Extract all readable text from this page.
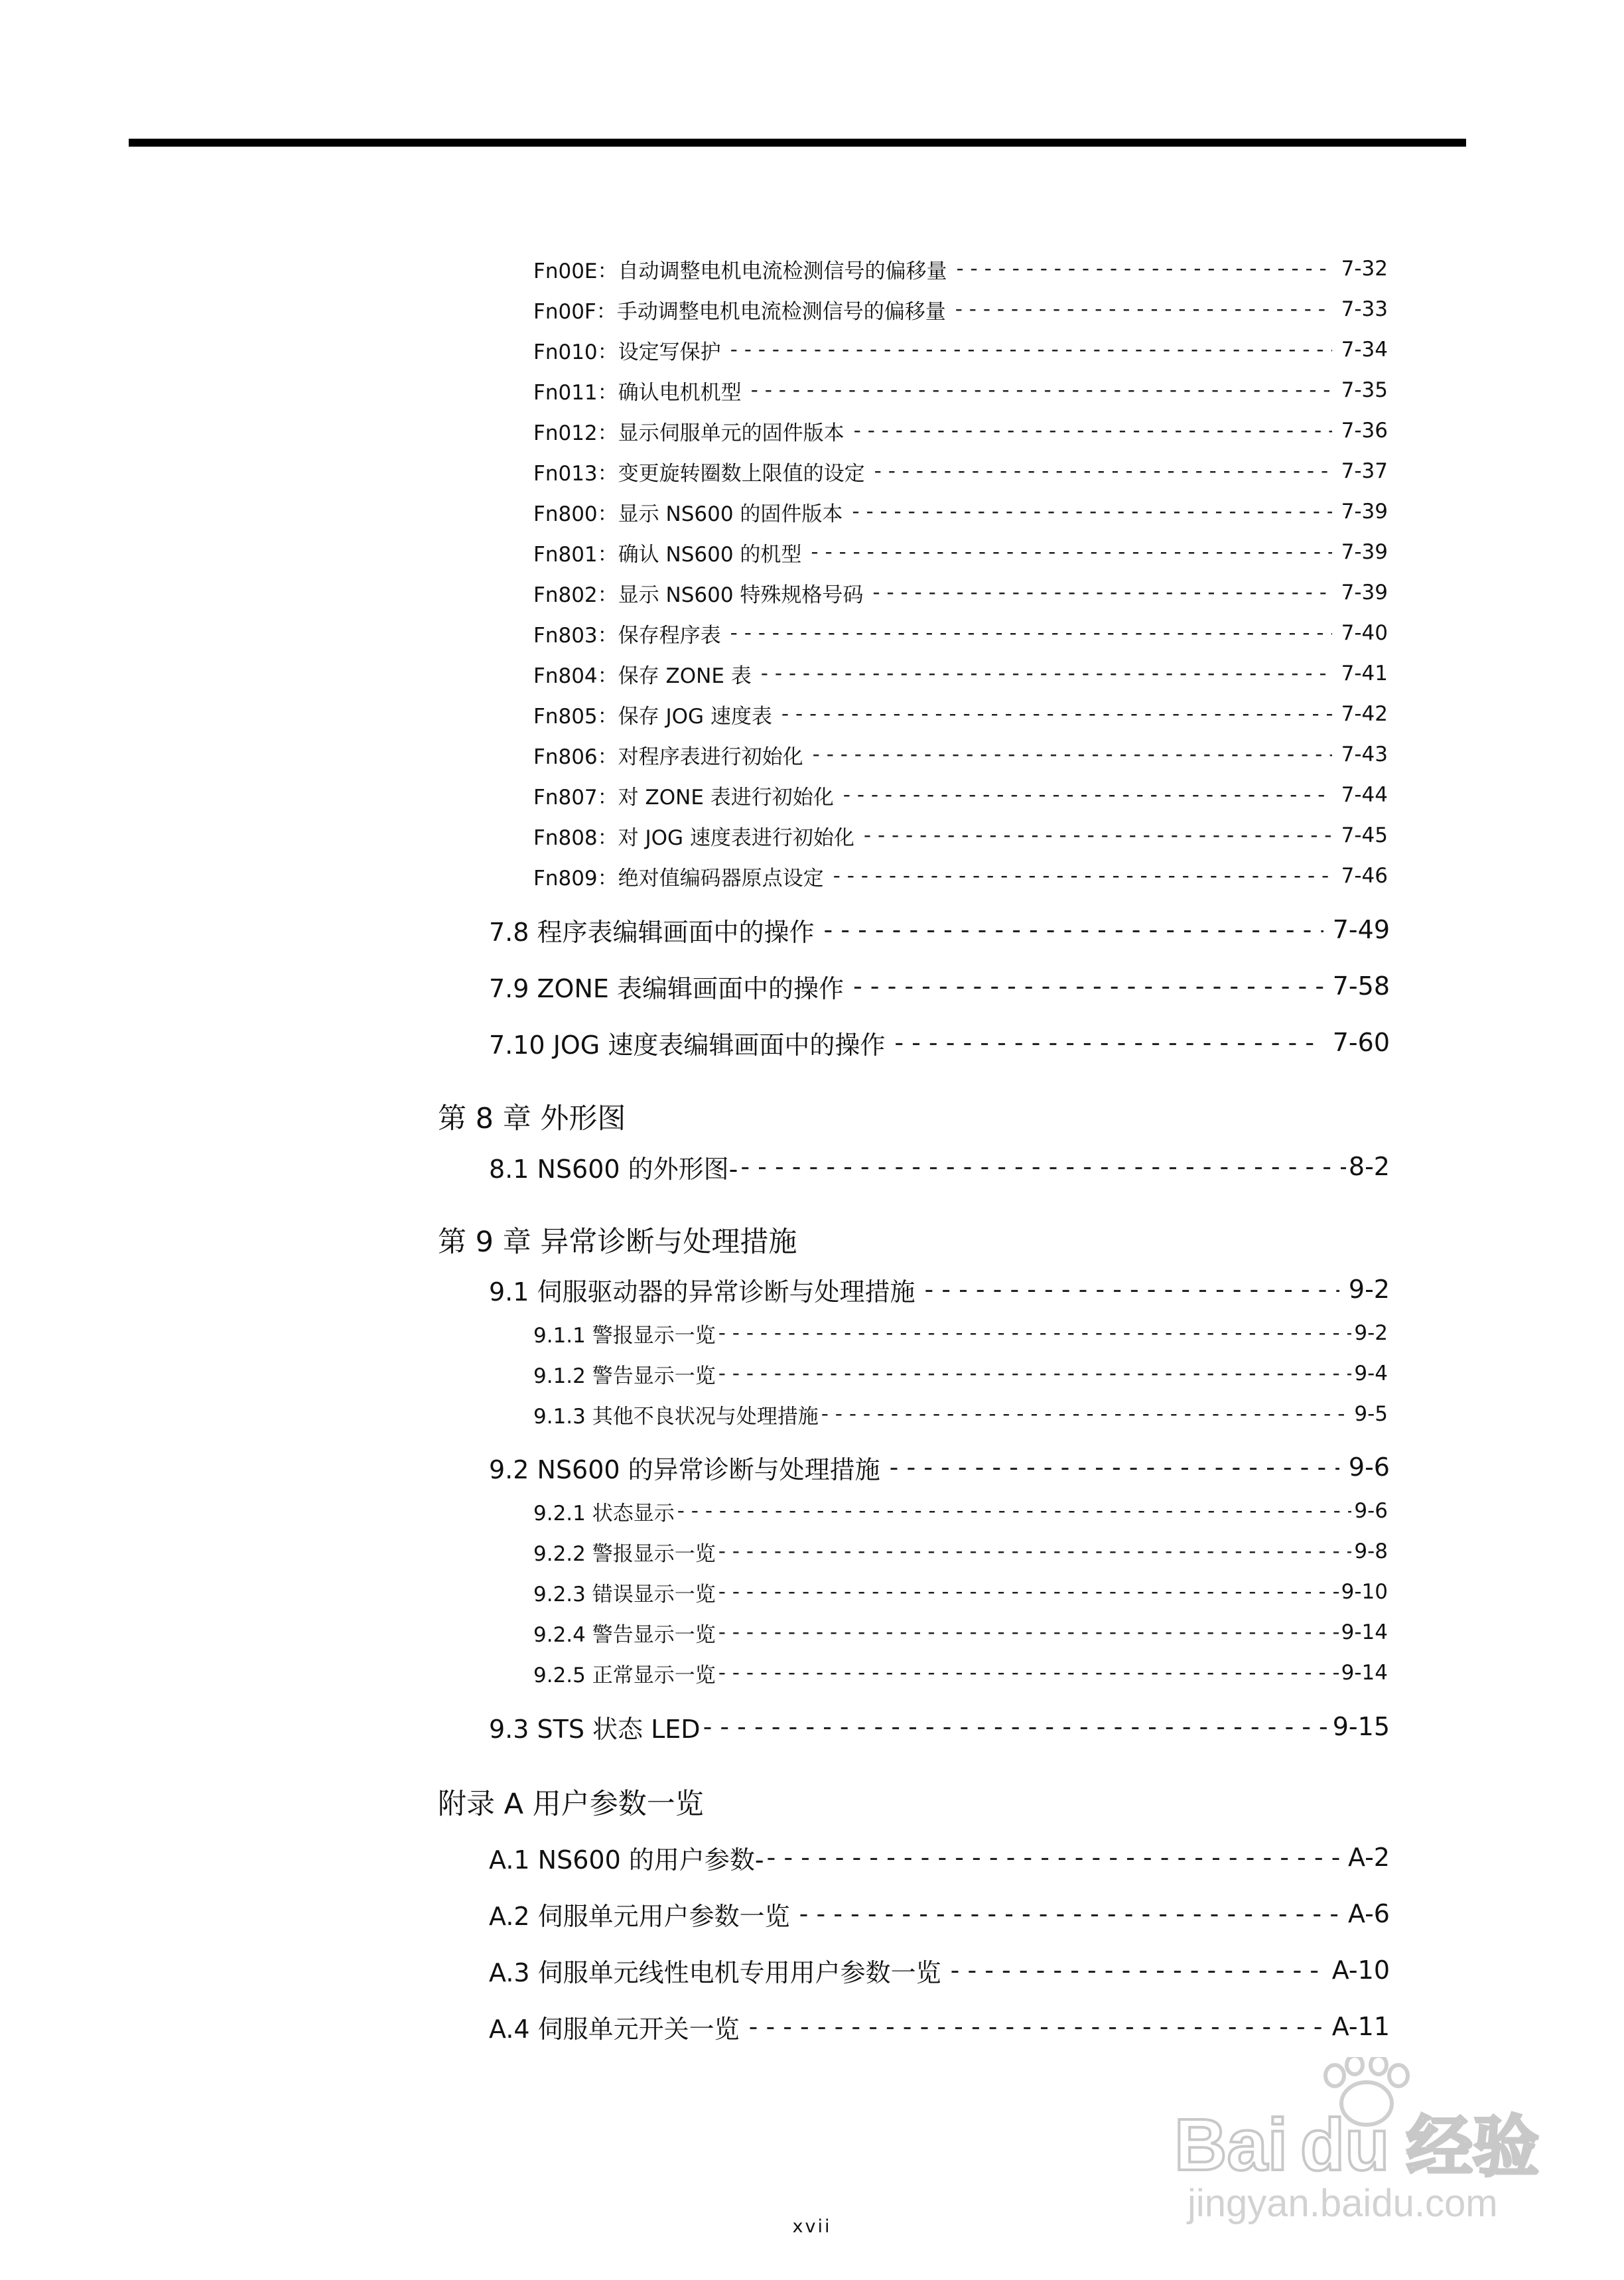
Fn00E：自动调整电机电流检测信号的偏移量 - - -	7-32
Fn00F：手动调整电机电流检测信号的偏移量 - - -	7-33
Fn010：设定写保护 - - -	7-34
Fn011：确认电机机型 - - -	7-35
Fn012：显示伺服单元的固件版本 - - -	7-36
Fn013：变更旋转圈数上限值的设定 - - -	7-37
Fn800：显示 NS600 的固件版本 - - -	7-39
Fn801：确认 NS600 的机型 - - -	7-39
Fn802：显示 NS600 特殊规格号码 - - -	7-39
Fn803：保存程序表 - - -	7-40
Fn804：保存 ZONE 表 - - -	7-41
Fn805：保存 JOG 速度表 - - -	7-42
Fn806：对程序表进行初始化 - - -	7-43
Fn807：对 ZONE 表进行初始化 - - -	7-44
Fn808：对 JOG 速度表进行初始化 - - -	7-45
Fn809：绝对值编码器原点设定 - - -	7-46
7.8 程序表编辑画面中的操作 - - -	7-49
7.9 ZONE 表编辑画面中的操作 - - -	7-58
7.10 JOG 速度表编辑画面中的操作 - - -	7-60
第 8 章 外形图
8.1 NS600 的外形图- - - -	8-2
第 9 章 异常诊断与处理措施
9.1 伺服驱动器的异常诊断与处理措施 - - -	9-2
9.1.1 警报显示一览 - - -	9-2
9.1.2 警告显示一览 - - -	9-4
9.1.3 其他不良状况与处理措施 - - -	9-5
9.2 NS600 的异常诊断与处理措施 - - -	9-6
9.2.1 状态显示 - - -	9-6
9.2.2 警报显示一览 - - -	9-8
9.2.3 错误显示一览 - - -	9-10
9.2.4 警告显示一览 - - -	9-14
9.2.5 正常显示一览 - - -	9-14
9.3 STS 状态 LED - - -	9-15
附录 A 用户参数一览
A.1 NS600 的用户参数- - - -	A-2
A.2 伺服单元用户参数一览 - - -	A-6
A.3 伺服单元线性电机专用用户参数一览 - - -	A-10
A.4 伺服单元开关一览 - - -	A-11
Bai du 经验
jingyan.baidu.com
xvii
